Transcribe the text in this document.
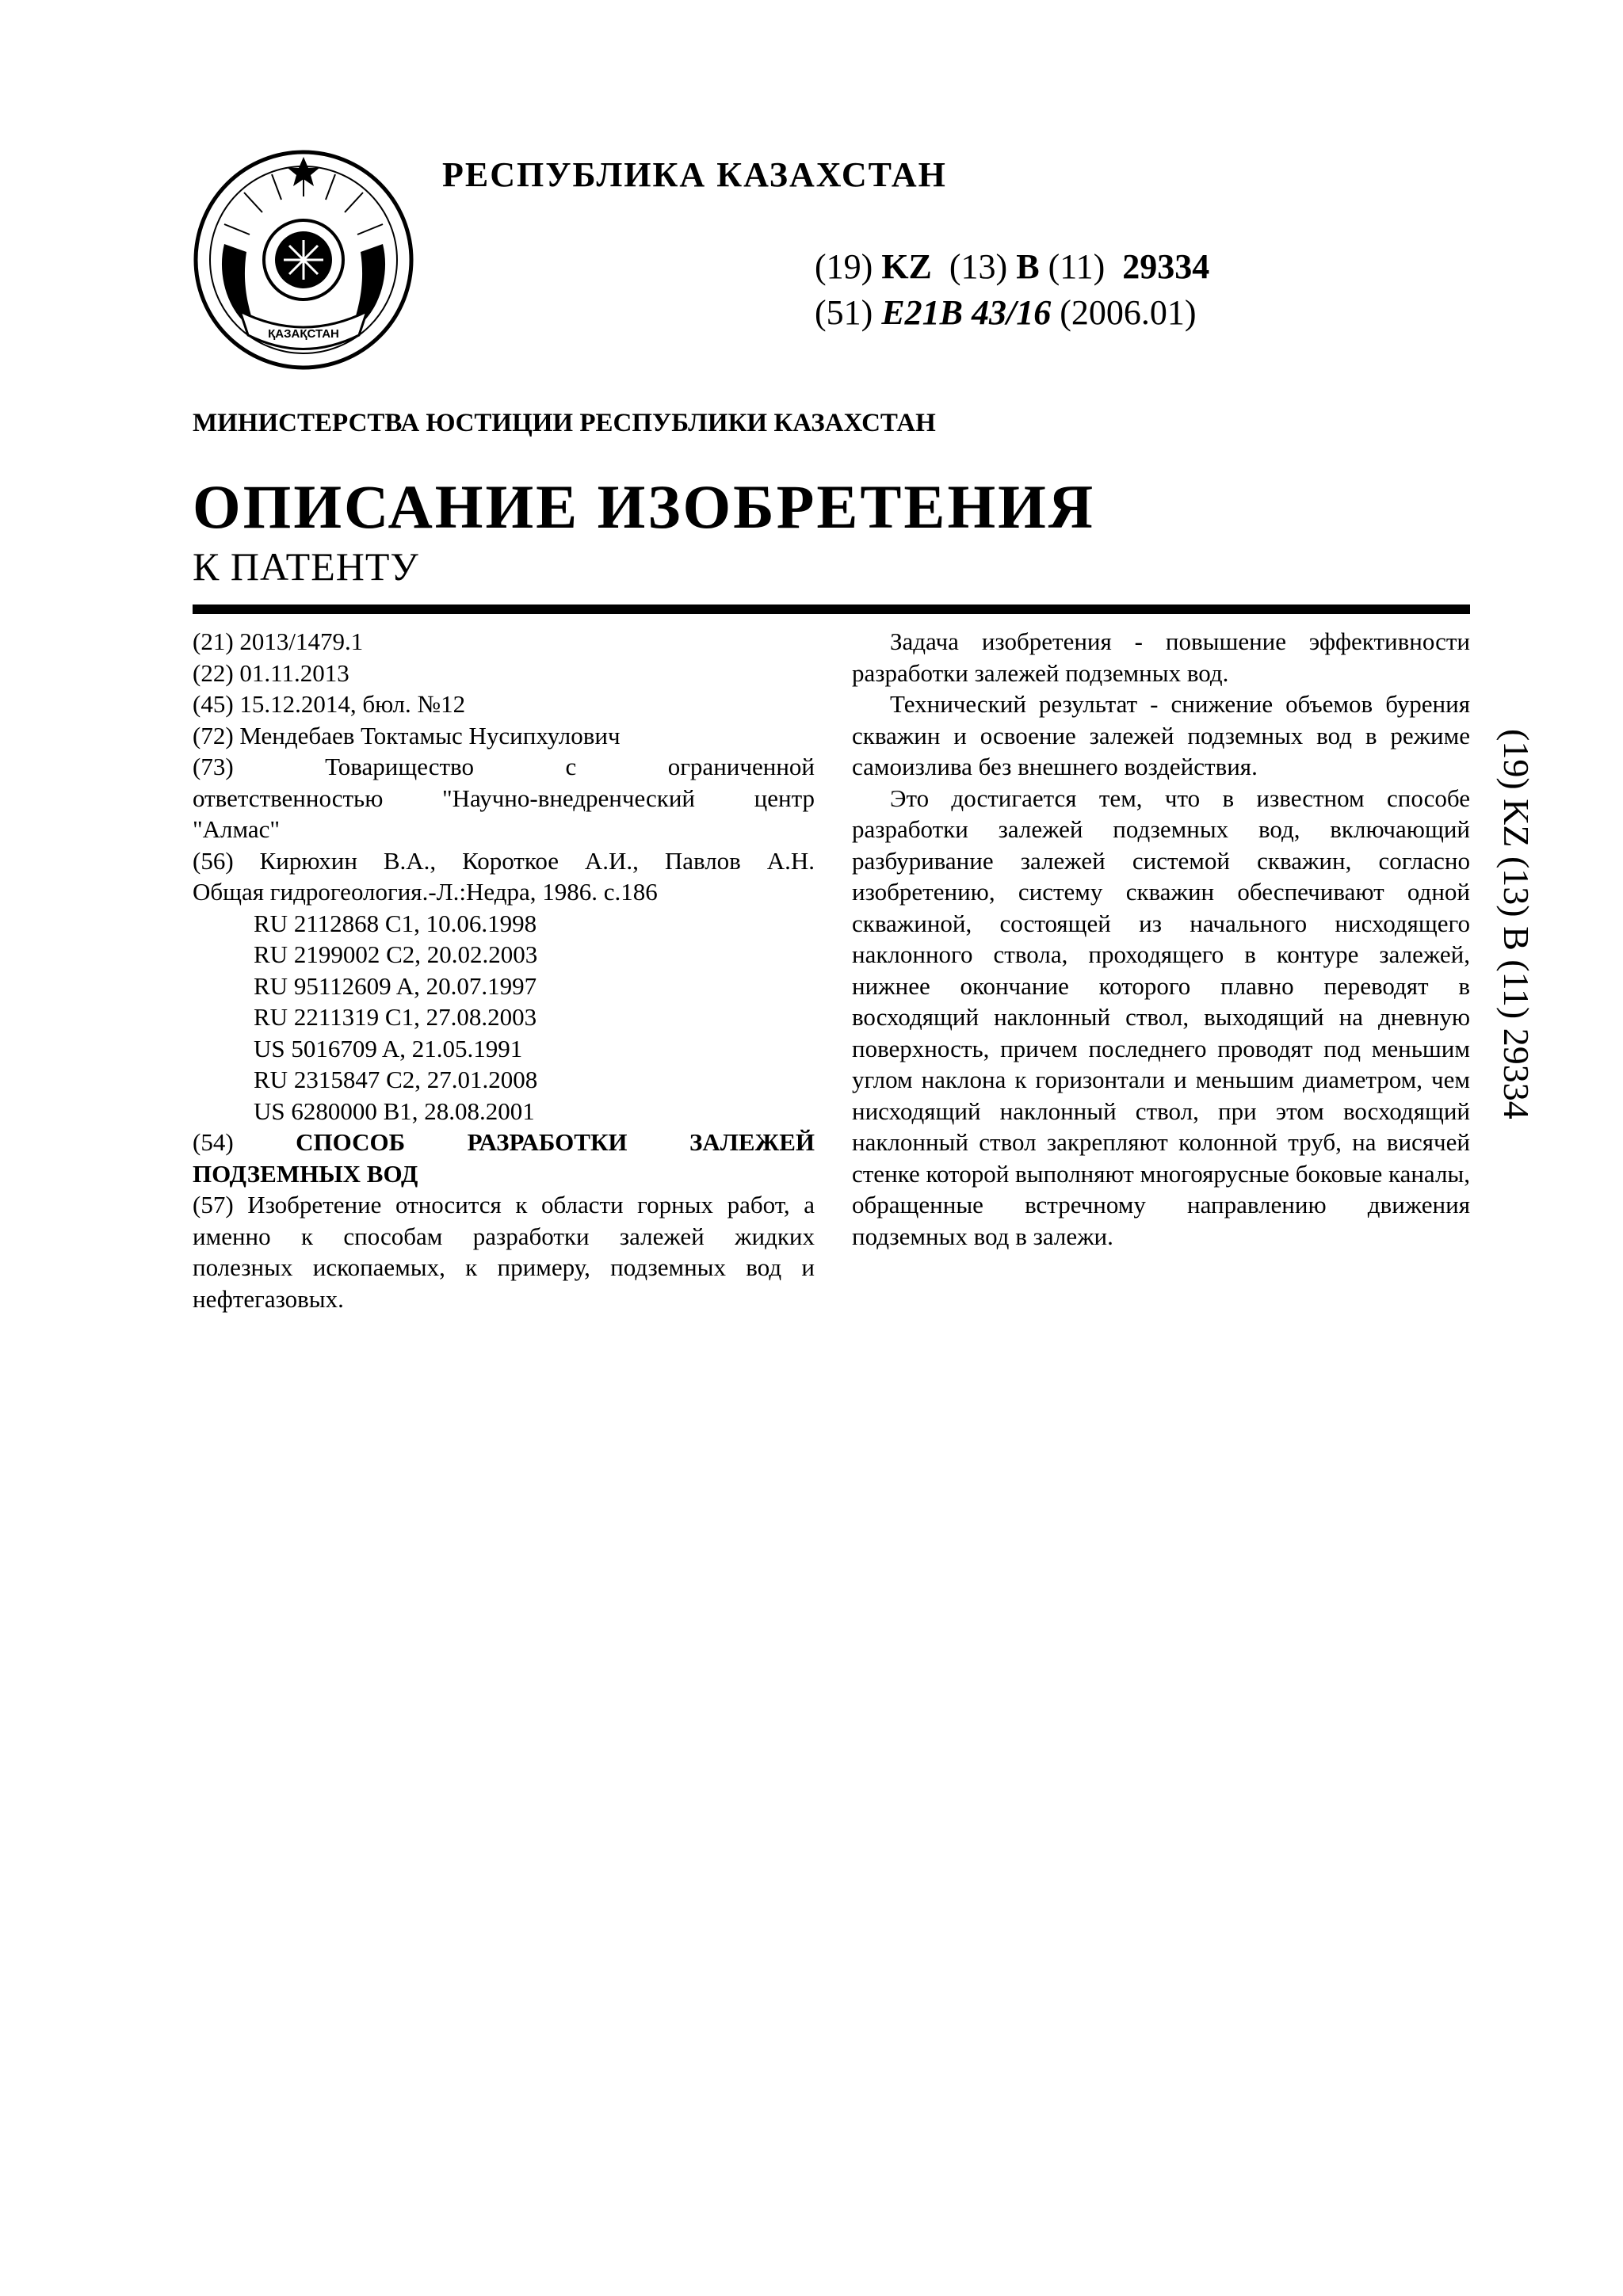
ҚАЗАҚСТАН
РЕСПУБЛИКА КАЗАХСТАН
(19) KZ (13) B (11) 29334
(51) E21B 43/16 (2006.01)
МИНИСТЕРСТВА ЮСТИЦИИ РЕСПУБЛИКИ КАЗАХСТАН
ОПИСАНИЕ ИЗОБРЕТЕНИЯ
К ПАТЕНТУ
(21) 2013/1479.1
(22) 01.11.2013
(45) 15.12.2014, бюл. №12
(72) Мендебаев Токтамыс Нусипхулович
(73) Товарищество с ограниченной
ответственностью "Научно-внедренческий центр
"Алмас"
(56) Кирюхин В.А., Короткое А.И., Павлов А.Н.
Общая гидрогеология.-Л.:Недра, 1986. с.186
RU 2112868 C1, 10.06.1998
RU 2199002 C2, 20.02.2003
RU 95112609 A, 20.07.1997
RU 2211319 C1, 27.08.2003
US 5016709 A, 21.05.1991
RU 2315847 C2, 27.01.2008
US 6280000 B1, 28.08.2001
(54)	СПОСОБ РАЗРАБОТКИ ЗАЛЕЖЕЙ
ПОДЗЕМНЫХ ВОД
(57) Изобретение относится к области горных работ, а именно к способам разработки залежей жидких полезных ископаемых, к примеру, подземных вод и нефтегазовых.
Задача изобретения - повышение эффективности разработки залежей подземных вод.
Технический результат - снижение объемов бурения скважин и освоение залежей подземных вод в режиме самоизлива без внешнего воздействия.
Это достигается тем, что в известном способе разработки залежей подземных вод, включающий разбуривание залежей системой скважин, согласно изобретению, систему скважин обеспечивают одной скважиной, состоящей из начального нисходящего наклонного ствола, проходящего в контуре залежей, нижнее окончание которого плавно переводят в восходящий наклонный ствол, выходящий на дневную поверхность, причем последнего проводят под меньшим углом наклона к горизонтали и меньшим диаметром, чем нисходящий наклонный ствол, при этом восходящий наклонный ствол закрепляют колонной труб, на висячей стенке которой выполняют многоярусные боковые каналы, обращенные встречному направлению движения подземных вод в залежи.
(19) KZ (13) B (11) 29334
